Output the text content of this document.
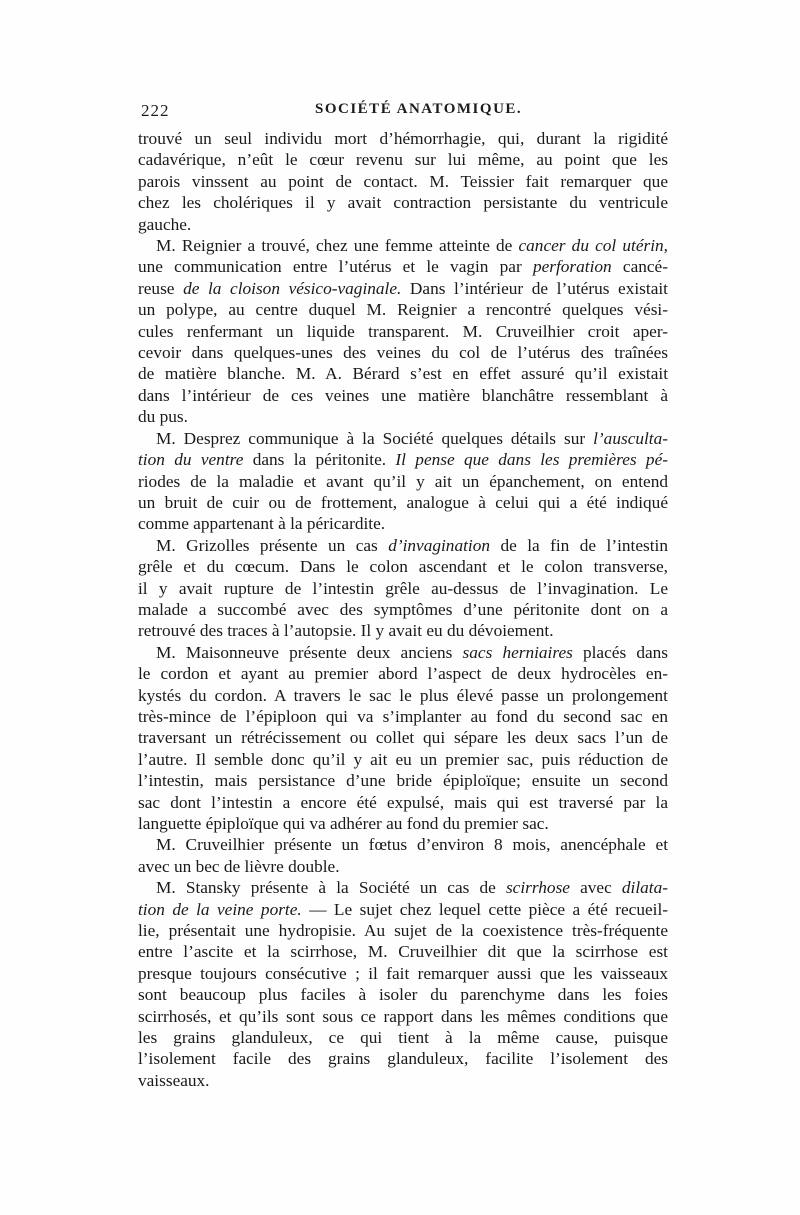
222	SOCIÉTÉ ANATOMIQUE.
trouvé un seul individu mort d’hémorrhagie, qui, durant la rigidité
cadavérique, n’eût le cœur revenu sur lui même, au point que les
parois vinssent au point de contact. M. Teissier fait remarquer que
chez les cholériques il y avait contraction persistante du ventricule
gauche.
M. Reignier a trouvé, chez une femme atteinte de cancer du col utérin,
une communication entre l’utérus et le vagin par perforation cancé-
reuse de la cloison vésico-vaginale. Dans l’intérieur de l’utérus existait
un polype, au centre duquel M. Reignier a rencontré quelques vési-
cules renfermant un liquide transparent. M. Cruveilhier croit aper-
cevoir dans quelques-unes des veines du col de l’utérus des traînées
de matière blanche. M. A. Bérard s’est en effet assuré qu’il existait
dans l’intérieur de ces veines une matière blanchâtre ressemblant à
du pus.
M. Desprez communique à la Société quelques détails sur l’ausculta-
tion du ventre dans la péritonite. Il pense que dans les premières pé-
riodes de la maladie et avant qu’il y ait un épanchement, on entend
un bruit de cuir ou de frottement, analogue à celui qui a été indiqué
comme appartenant à la péricardite.
M. Grizolles présente un cas d’invagination de la fin de l’intestin
grêle et du cœcum. Dans le colon ascendant et le colon transverse,
il y avait rupture de l’intestin grêle au-dessus de l’invagination. Le
malade a succombé avec des symptômes d’une péritonite dont on a
retrouvé des traces à l’autopsie. Il y avait eu du dévoiement.
M. Maisonneuve présente deux anciens sacs herniaires placés dans
le cordon et ayant au premier abord l’aspect de deux hydrocèles en-
kystés du cordon. A travers le sac le plus élevé passe un prolongement
très-mince de l’épiploon qui va s’implanter au fond du second sac en
traversant un rétrécissement ou collet qui sépare les deux sacs l’un de
l’autre. Il semble donc qu’il y ait eu un premier sac, puis réduction de
l’intestin, mais persistance d’une bride épiploïque; ensuite un second
sac dont l’intestin a encore été expulsé, mais qui est traversé par la
languette épiploïque qui va adhérer au fond du premier sac.
M. Cruveilhier présente un fœtus d’environ 8 mois, anencéphale et
avec un bec de lièvre double.
M. Stansky présente à la Société un cas de scirrhose avec dilata-
tion de la veine porte. — Le sujet chez lequel cette pièce a été recueil-
lie, présentait une hydropisie. Au sujet de la coexistence très-fréquente
entre l’ascite et la scirrhose, M. Cruveilhier dit que la scirrhose est
presque toujours consécutive ; il fait remarquer aussi que les vaisseaux
sont beaucoup plus faciles à isoler du parenchyme dans les foies
scirrhosés, et qu’ils sont sous ce rapport dans les mêmes conditions que
les grains glanduleux, ce qui tient à la même cause, puisque
l’isolement facile des grains glanduleux, facilite l’isolement des
vaisseaux.
